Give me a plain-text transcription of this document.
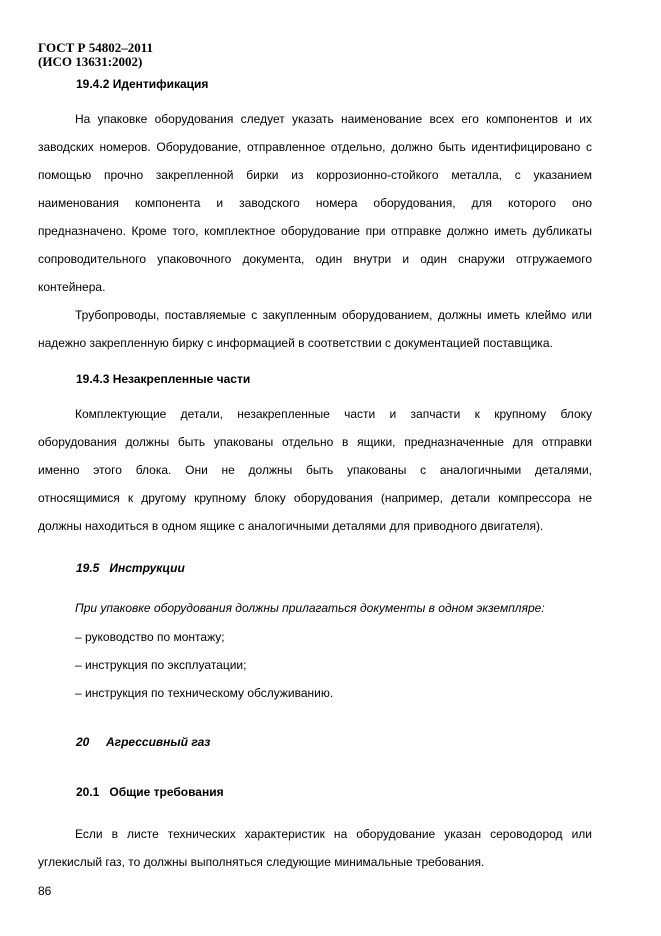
ГОСТ Р 54802–2011
(ИСО 13631:2002)
19.4.2 Идентификация
На упаковке оборудования следует указать наименование всех его компонентов и их
заводских номеров. Оборудование, отправленное отдельно, должно быть идентифицировано с
помощью прочно закрепленной бирки из коррозионно-стойкого металла, с указанием
наименования компонента и заводского номера оборудования, для которого оно
предназначено. Кроме того, комплектное оборудование при отправке должно иметь дубликаты
сопроводительного упаковочного документа, один внутри и один снаружи отгружаемого
контейнера.
Трубопроводы, поставляемые с закупленным оборудованием, должны иметь клеймо или
надежно закрепленную бирку с информацией в соответствии с документацией поставщика.
19.4.3 Незакрепленные части
Комплектующие детали, незакрепленные части и запчасти к крупному блоку
оборудования должны быть упакованы отдельно в ящики, предназначенные для отправки
именно этого блока. Они не должны быть упакованы с аналогичными деталями,
относящимися к другому крупному блоку оборудования (например, детали компрессора не
должны находиться в одном ящике с аналогичными деталями для приводного двигателя).
19.5   Инструкции
При упаковке оборудования должны прилагаться документы в одном экземпляре:
– руководство по монтажу;
– инструкция по эксплуатации;
– инструкция по техническому обслуживанию.
20     Агрессивный газ
20.1   Общие требования
Если в листе технических характеристик на оборудование указан сероводород или
углекислый газ, то должны выполняться следующие минимальные требования.
86
